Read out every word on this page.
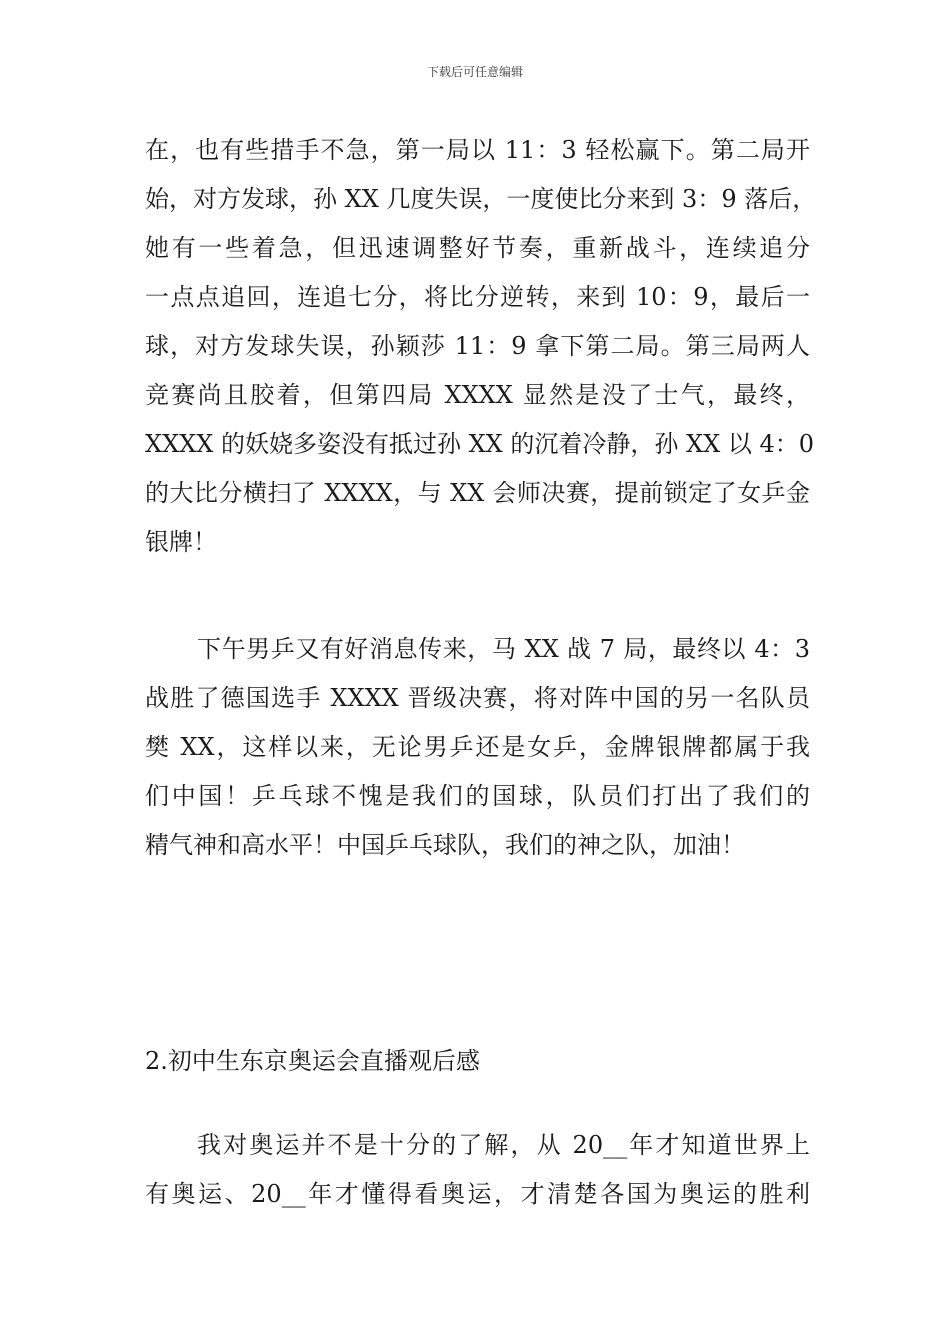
下载后可任意编辑
在，也有些措手不急，第一局以 11：3 轻松赢下。第二局开
始，对方发球，孙 XX 几度失误，一度使比分来到 3：9 落后，
她有一些着急，但迅速调整好节奏，重新战斗，连续追分
一点点追回，连追七分，将比分逆转，来到 10：9，最后一
球，对方发球失误，孙颖莎 11：9 拿下第二局。第三局两人
竞赛尚且胶着，但第四局 XXXX 显然是没了士气，最终，
XXXX 的妖娆多姿没有抵过孙 XX 的沉着冷静，孙 XX 以 4：0
的大比分横扫了 XXXX，与 XX 会师决赛，提前锁定了女乒金
银牌！
下午男乒又有好消息传来，马 XX 战 7 局，最终以 4：3
战胜了德国选手 XXXX 晋级决赛，将对阵中国的另一名队员
樊 XX，这样以来，无论男乒还是女乒，金牌银牌都属于我
们中国！乒乓球不愧是我们的国球，队员们打出了我们的
精气神和高水平！中国乒乓球队，我们的神之队，加油！
2.初中生东京奥运会直播观后感
我对奥运并不是十分的了解，从 20__年才知道世界上
有奥运、20__年才懂得看奥运，才清楚各国为奥运的胜利
